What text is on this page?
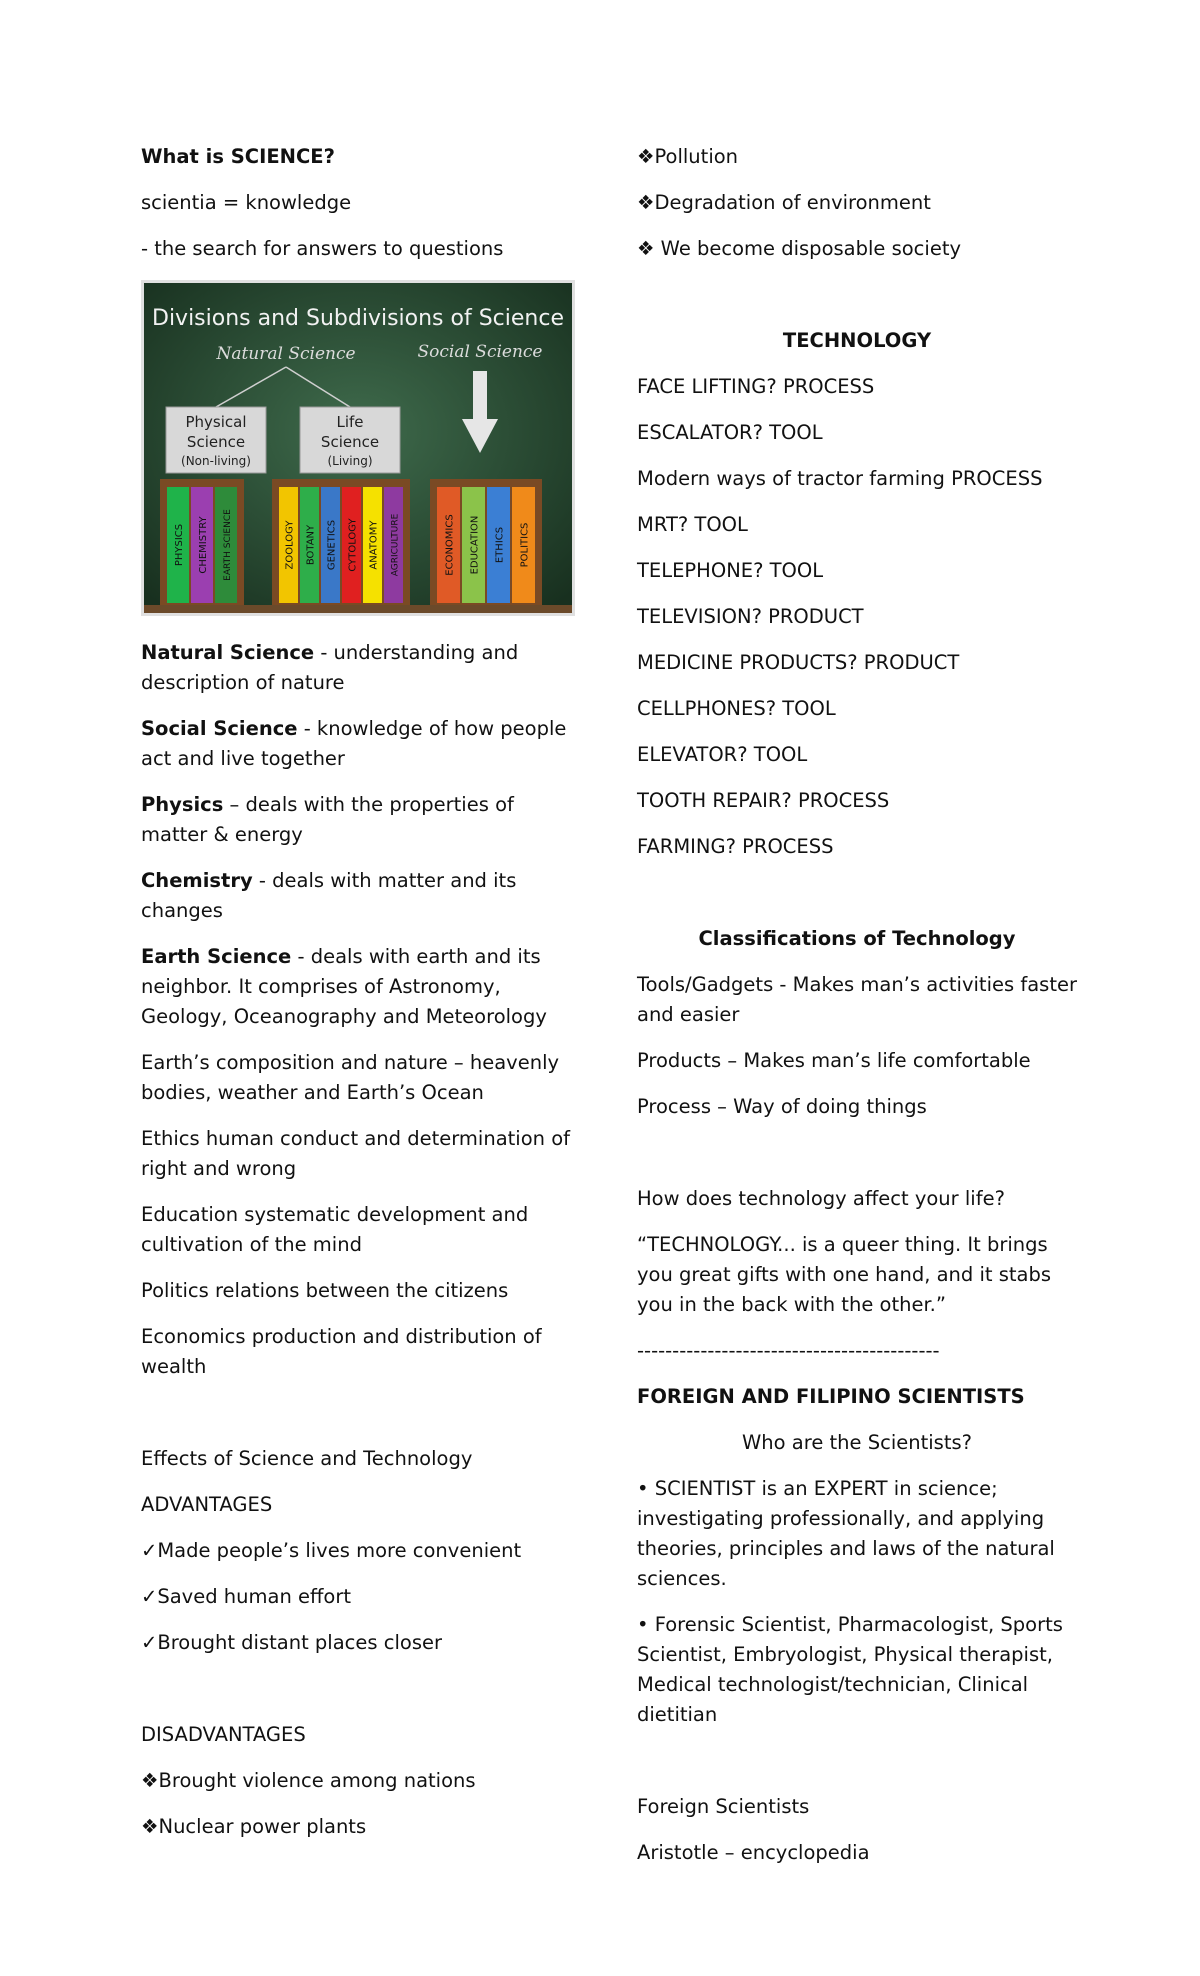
What is SCIENCE?

scientia = knowledge

- the search for answers to questions

Divisions and Subdivisions of Science
Natural Science	Social Science
Physical
Science
(Non-living)
Life
Science
(Living)
PHYSICS CHEMISTRY EARTH SCIENCE	ZOOLOGY BOTANY GENETICS CYTOLOGY ANATOMY AGRICULTURE	ECONOMICS EDUCATION ETHICS POLITICS

Natural Science - understanding and description of nature

Social Science - knowledge of how people act and live together

Physics – deals with the properties of matter & energy

Chemistry - deals with matter and its changes

Earth Science - deals with earth and its neighbor. It comprises of Astronomy, Geology, Oceanography and Meteorology

Earth’s composition and nature – heavenly bodies, weather and Earth’s Ocean

Ethics human conduct and determination of right and wrong

Education systematic development and cultivation of the mind

Politics relations between the citizens

Economics production and distribution of wealth

Effects of Science and Technology

ADVANTAGES

✓Made people’s lives more convenient

✓Saved human effort

✓Brought distant places closer

DISADVANTAGES

❖Brought violence among nations

❖Nuclear power plants

❖Pollution

❖Degradation of environment

❖ We become disposable society

TECHNOLOGY

FACE LIFTING? PROCESS

ESCALATOR? TOOL

Modern ways of tractor farming PROCESS

MRT? TOOL

TELEPHONE? TOOL

TELEVISION? PRODUCT

MEDICINE PRODUCTS? PRODUCT

CELLPHONES? TOOL

ELEVATOR? TOOL

TOOTH REPAIR? PROCESS

FARMING? PROCESS

Classifications of Technology

Tools/Gadgets - Makes man’s activities faster and easier

Products – Makes man’s life comfortable

Process – Way of doing things

How does technology affect your life?

“TECHNOLOGY... is a queer thing. It brings you great gifts with one hand, and it stabs you in the back with the other.”

-------------------------------------------

FOREIGN AND FILIPINO SCIENTISTS

Who are the Scientists?

• SCIENTIST is an EXPERT in science; investigating professionally, and applying theories, principles and laws of the natural sciences.

• Forensic Scientist, Pharmacologist, Sports Scientist, Embryologist, Physical therapist, Medical technologist/technician, Clinical dietitian

Foreign Scientists

Aristotle – encyclopedia
